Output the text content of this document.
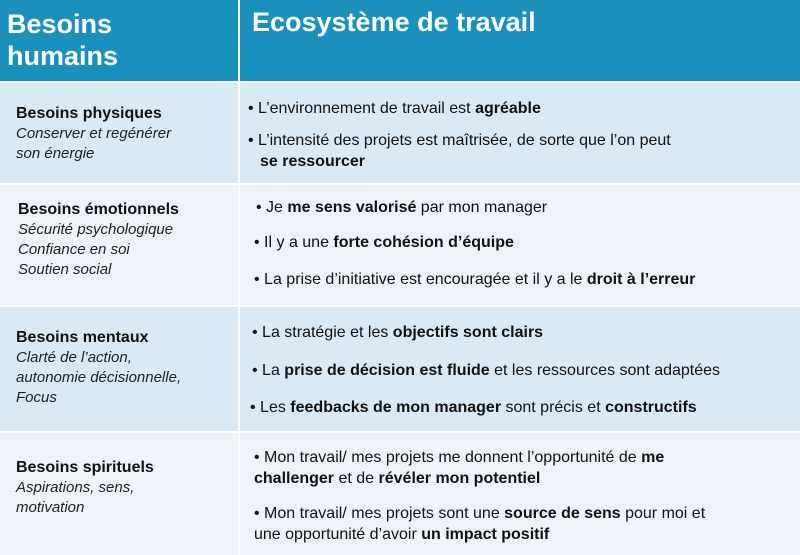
Besoins humains
Ecosystème de travail
Besoins physiques
Conserver et regénérer
son énergie
• L’environnement de travail est agréable
• L’intensité des projets est maîtrisée, de sorte que l’on peut
se ressourcer
Besoins émotionnels
Sécurité psychologique
Confiance en soi
Soutien social
• Je me sens valorisé par mon manager
• Il y a une forte cohésion d’équipe
• La prise d’initiative est encouragée et il y a le droit à l’erreur
Besoins mentaux
Clarté de l’action,
autonomie décisionnelle,
Focus
• La stratégie et les objectifs sont clairs
• La prise de décision est fluide et les ressources sont adaptées
• Les feedbacks de mon manager sont précis et constructifs
Besoins spirituels
Aspirations, sens,
motivation
• Mon travail/ mes projets me donnent l’opportunité de me
challenger et de révéler mon potentiel
• Mon travail/ mes projets sont une source de sens pour moi et
une opportunité d’avoir un impact positif
